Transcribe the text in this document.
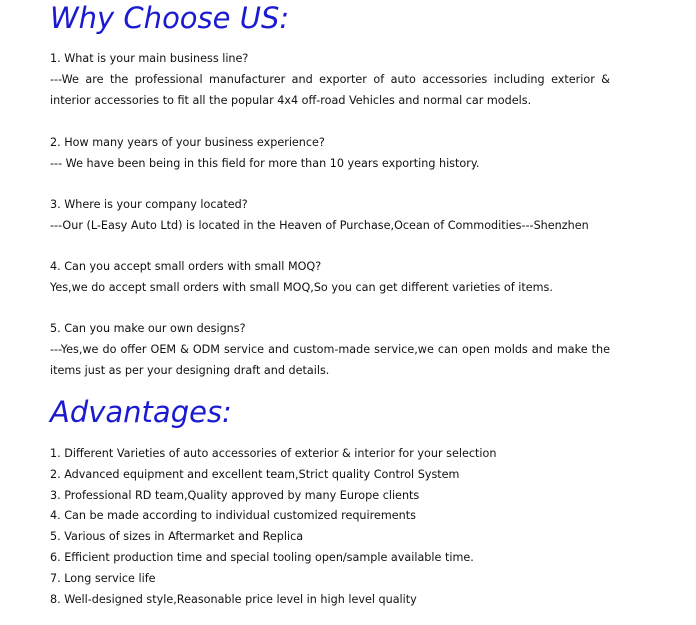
Why Choose US:

1. What is your main business line?

---We are the professional manufacturer and exporter of auto accessories including exterior & interior accessories to fit all the popular 4x4 off-road Vehicles and normal car models.

2. How many years of your business experience?

--- We have been being in this field for more than 10 years exporting history.

3. Where is your company located?

---Our (L-Easy Auto Ltd) is located in the Heaven of Purchase,Ocean of Commodities---Shenzhen

4. Can you accept small orders with small MOQ?

Yes,we do accept small orders with small MOQ,So you can get different varieties of items.

5. Can you make our own designs?

---Yes,we do offer OEM & ODM service and custom-made service,we can open molds and make the items just as per your designing draft and details.

Advantages:
1. Different Varieties of auto accessories of exterior & interior for your selection
2. Advanced equipment and excellent team,Strict quality Control System
3. Professional RD team,Quality approved by many Europe clients
4. Can be made according to individual customized requirements
5. Various of sizes in Aftermarket and Replica
6. Efficient production time and special tooling open/sample available time.
7. Long service life
8. Well-designed style,Reasonable price level in high level quality
